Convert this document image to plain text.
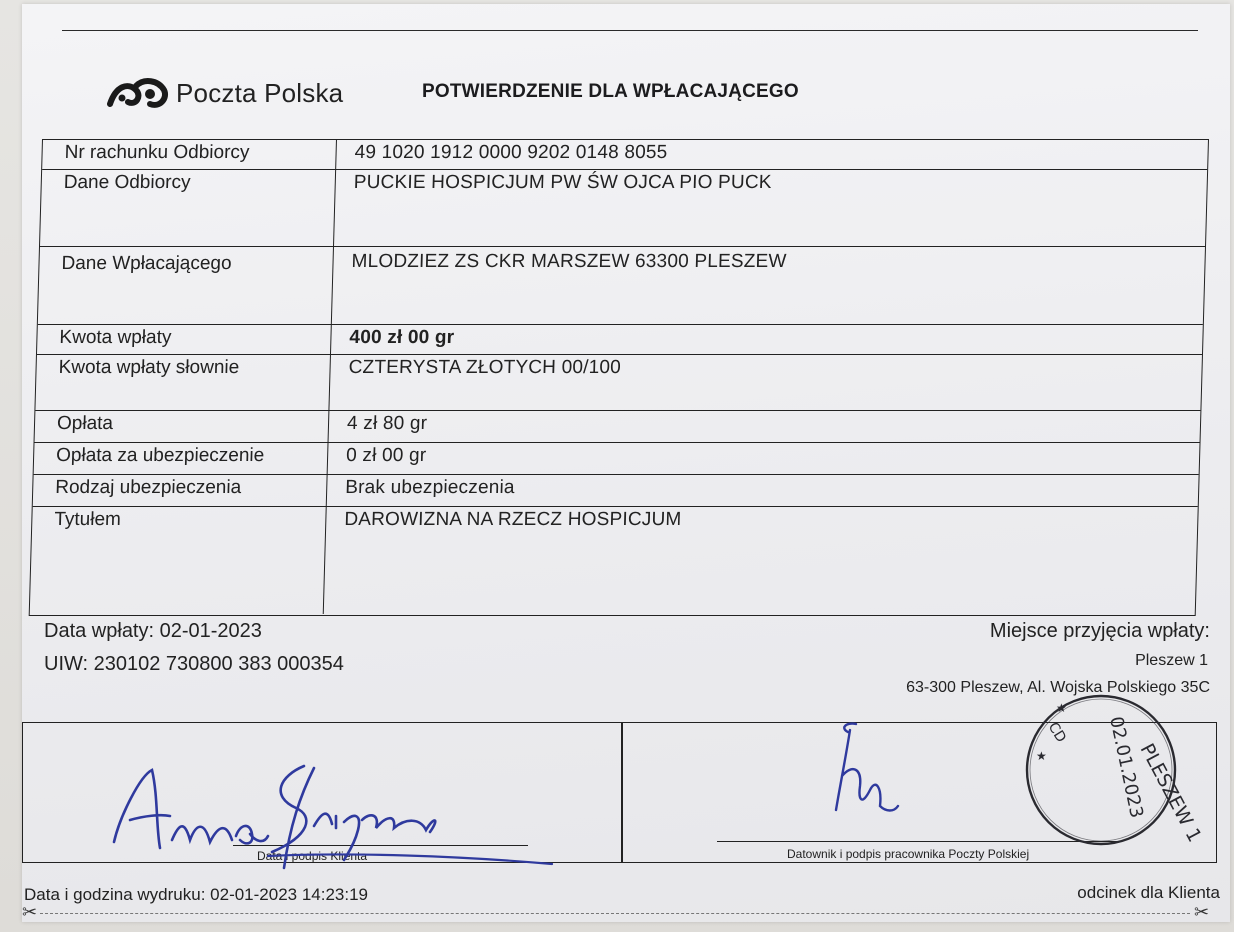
Poczta Polska	POTWIERDZENIE DLA WPŁACAJĄCEGO
Nr rachunku Odbiorcy	49 1020 1912 0000 9202 0148 8055
Dane Odbiorcy	PUCKIE HOSPICJUM PW ŚW OJCA PIO PUCK
Dane Wpłacającego	MLODZIEZ ZS CKR MARSZEW 63300 PLESZEW
Kwota wpłaty	400 zł 00 gr
Kwota wpłaty słownie	CZTERYSTA ZŁOTYCH 00/100
Opłata	4 zł 80 gr
Opłata za ubezpieczenie	0 zł 00 gr
Rodzaj ubezpieczenia	Brak ubezpieczenia
Tytułem	DAROWIZNA NA RZECZ HOSPICJUM
Data wpłaty: 02-01-2023
UIW: 230102 730800 383 000354
Miejsce przyjęcia wpłaty:
Pleszew 1
63-300 Pleszew, Al. Wojska Polskiego 35C
Data i podpis Klienta	Datownik i podpis pracownika Poczty Polskiej
PLESZEW 1
02.01.2023
CD
★
★
Data i godzina wydruku: 02-01-2023 14:23:19	odcinek dla Klienta
✂	✂
